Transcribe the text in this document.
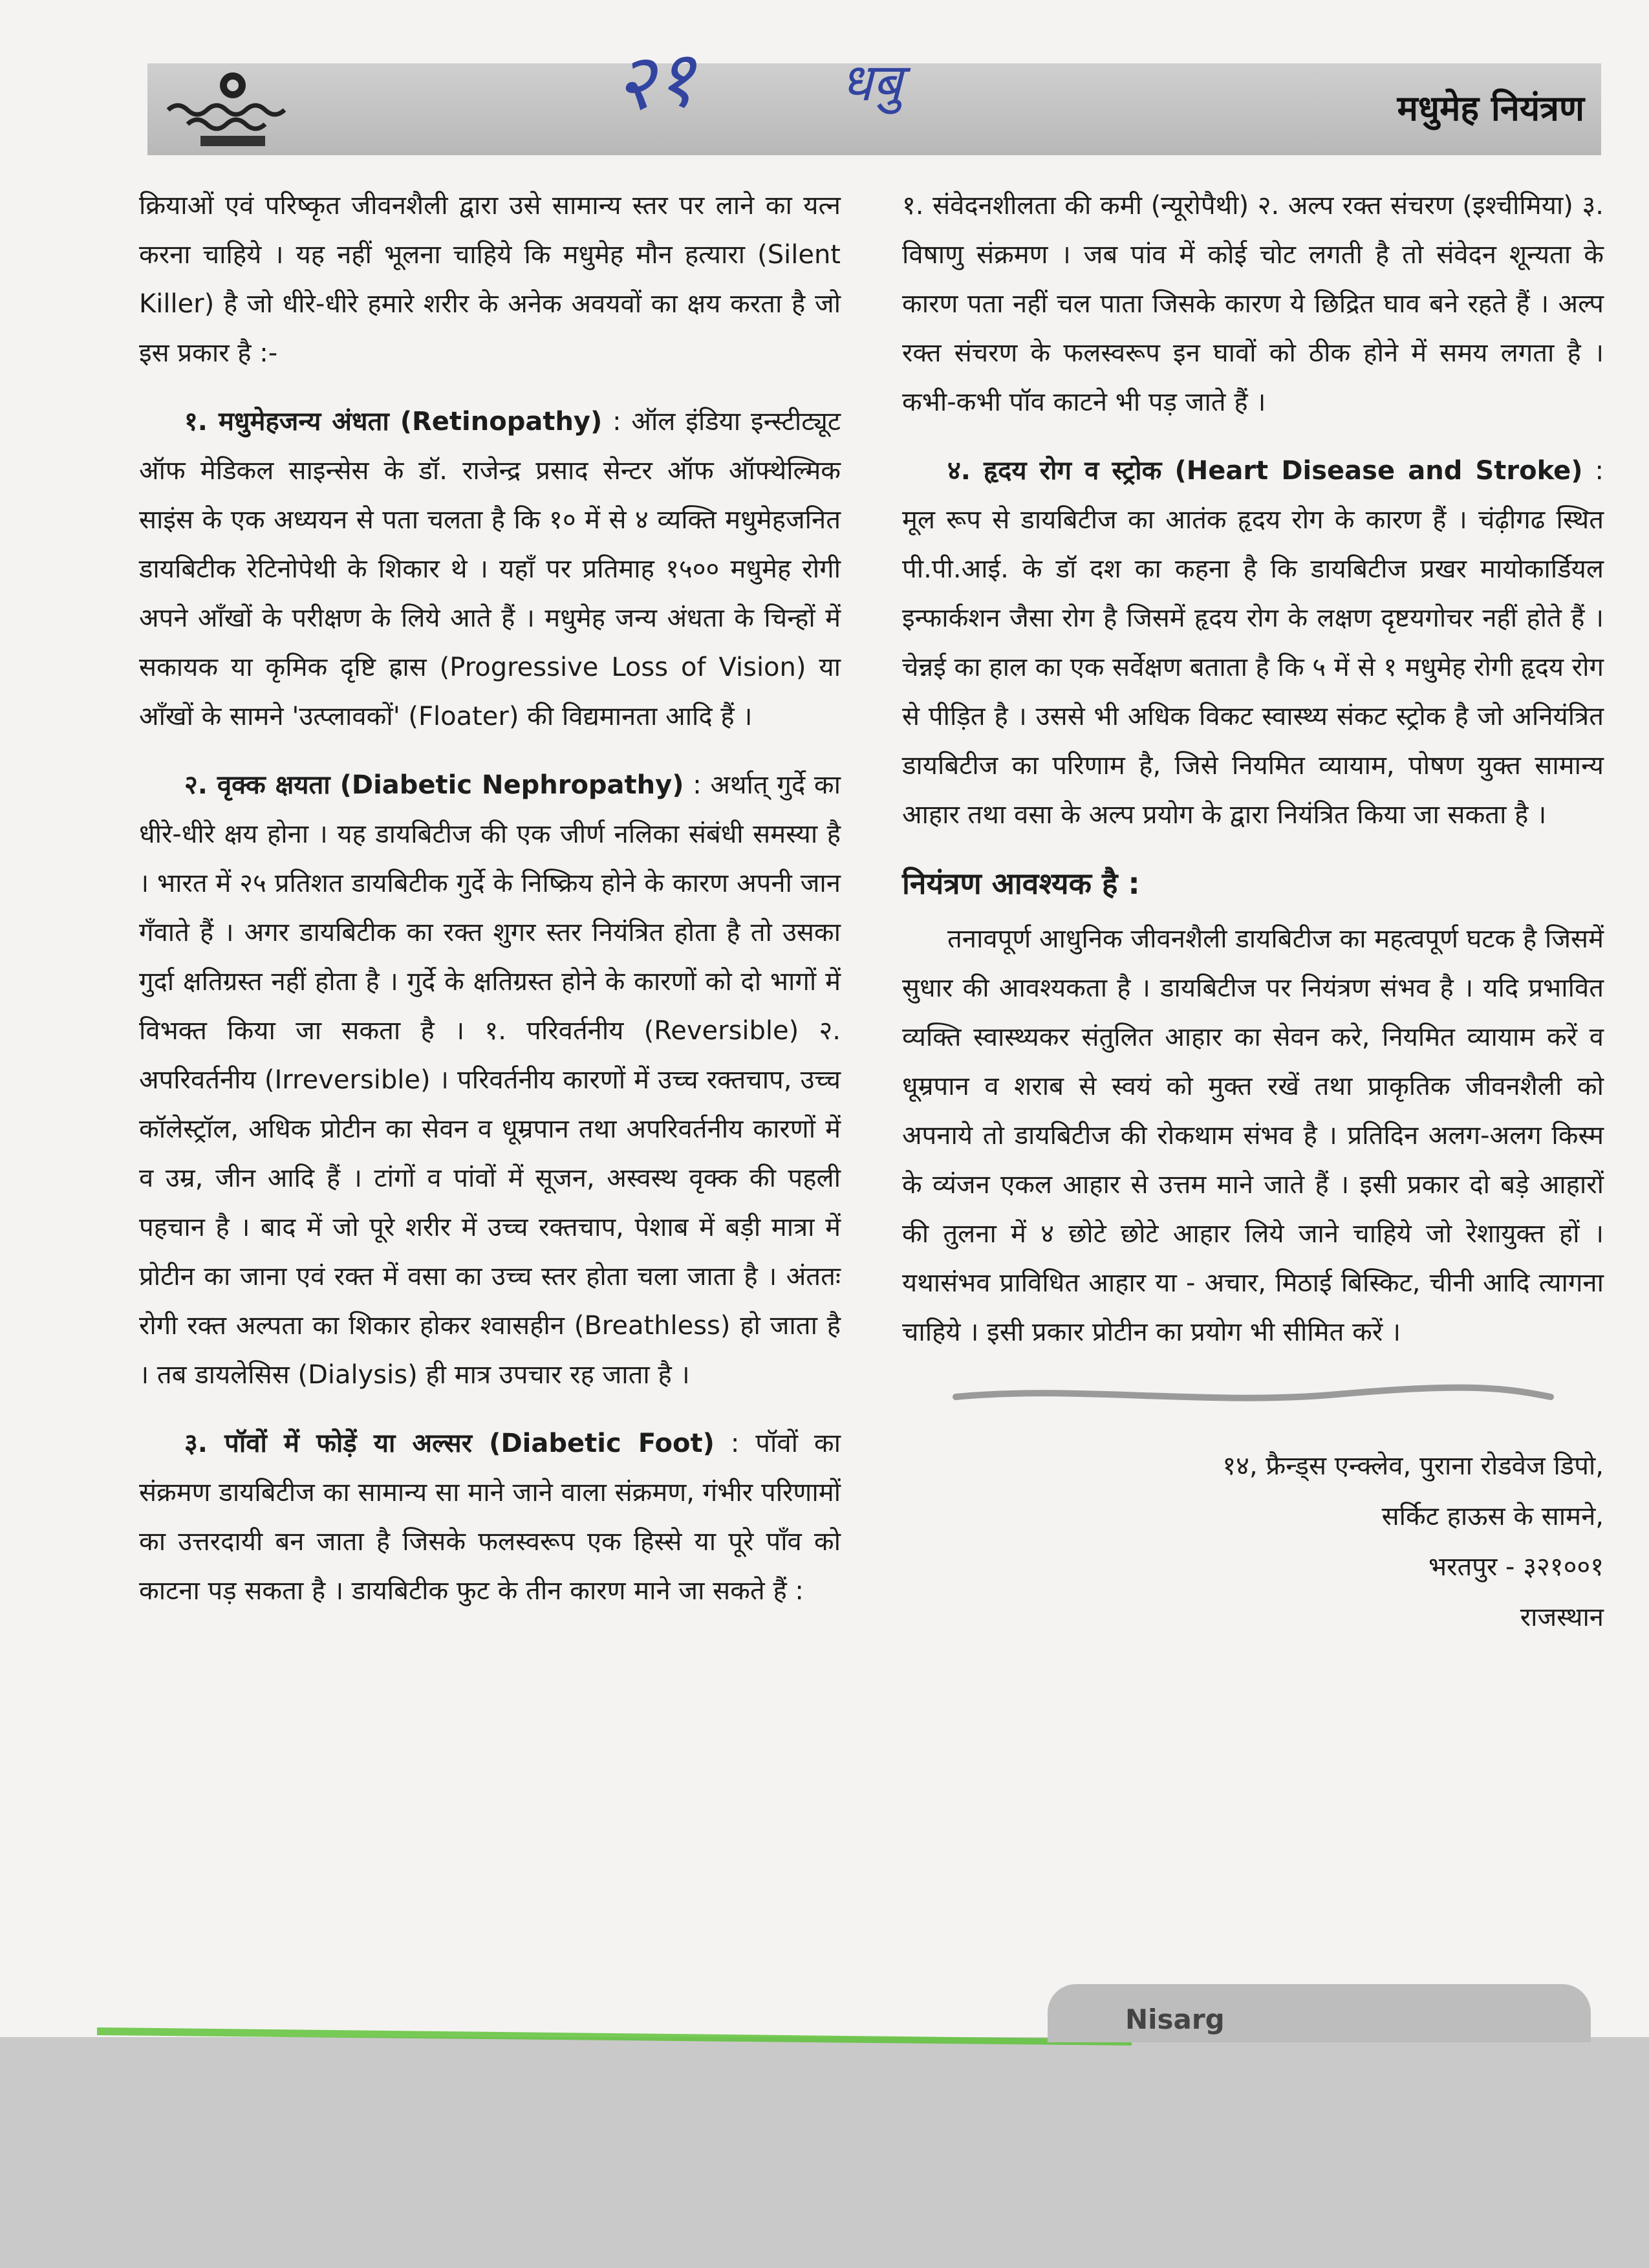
मधुमेह नियंत्रण
२१	धबु

क्रियाओं एवं परिष्कृत जीवनशैली द्वारा उसे सामान्य स्तर पर लाने का यत्न करना चाहिये । यह नहीं भूलना चाहिये कि मधुमेह मौन हत्यारा (Silent Killer) है जो धीरे-धीरे हमारे शरीर के अनेक अवयवों का क्षय करता है जो इस प्रकार है :-

१. मधुमेहजन्य अंधता (Retinopathy) : ऑल इंडिया इन्स्टीट्यूट ऑफ मेडिकल साइन्सेस के डॉ. राजेन्द्र प्रसाद सेन्टर ऑफ ऑफ्थेल्मिक साइंस के एक अध्ययन से पता चलता है कि १० में से ४ व्यक्ति मधुमेहजनित डायबिटीक रेटिनोपेथी के शिकार थे । यहाँ पर प्रतिमाह १५०० मधुमेह रोगी अपने आँखों के परीक्षण के लिये आते हैं । मधुमेह जन्य अंधता के चिन्हों में सकायक या कृमिक दृष्टि ह्रास (Progressive Loss of Vision) या आँखों के सामने 'उत्प्लावकों' (Floater) की विद्यमानता आदि हैं ।

२. वृक्क क्षयता (Diabetic Nephropathy) : अर्थात् गुर्दे का धीरे-धीरे क्षय होना । यह डायबिटीज की एक जीर्ण नलिका संबंधी समस्या है । भारत में २५ प्रतिशत डायबिटीक गुर्दे के निष्क्रिय होने के कारण अपनी जान गँवाते हैं । अगर डायबिटीक का रक्त शुगर स्तर नियंत्रित होता है तो उसका गुर्दा क्षतिग्रस्त नहीं होता है । गुर्दे के क्षतिग्रस्त होने के कारणों को दो भागों में विभक्त किया जा सकता है । १. परिवर्तनीय (Reversible) २. अपरिवर्तनीय (Irreversible) । परिवर्तनीय कारणों में उच्च रक्तचाप, उच्च कॉलेस्ट्रॉल, अधिक प्रोटीन का सेवन व धूम्रपान तथा अपरिवर्तनीय कारणों में व उम्र, जीन आदि हैं । टांगों व पांवों में सूजन, अस्वस्थ वृक्क की पहली पहचान है । बाद में जो पूरे शरीर में उच्च रक्तचाप, पेशाब में बड़ी मात्रा में प्रोटीन का जाना एवं रक्त में वसा का उच्च स्तर होता चला जाता है । अंततः रोगी रक्त अल्पता का शिकार होकर श्वासहीन (Breathless) हो जाता है । तब डायलेसिस (Dialysis) ही मात्र उपचार रह जाता है ।

३. पॉवों में फोड़ें या अल्सर (Diabetic Foot) : पॉवों का संक्रमण डायबिटीज का सामान्य सा माने जाने वाला संक्रमण, गंभीर परिणामों का उत्तरदायी बन जाता है जिसके फलस्वरूप एक हिस्से या पूरे पाँव को काटना पड़ सकता है । डायबिटीक फुट के तीन कारण माने जा सकते हैं :

१. संवेदनशीलता की कमी (न्यूरोपैथी) २. अल्प रक्त संचरण (इश्चीमिया) ३. विषाणु संक्रमण । जब पांव में कोई चोट लगती है तो संवेदन शून्यता के कारण पता नहीं चल पाता जिसके कारण ये छिद्रित घाव बने रहते हैं । अल्प रक्त संचरण के फलस्वरूप इन घावों को ठीक होने में समय लगता है । कभी-कभी पॉव काटने भी पड़ जाते हैं ।

४. हृदय रोग व स्ट्रोक (Heart Disease and Stroke) : मूल रूप से डायबिटीज का आतंक हृदय रोग के कारण हैं । चंढ़ीगढ स्थित पी.पी.आई. के डॉ दश का कहना है कि डायबिटीज प्रखर मायोकार्डियल इन्फार्कशन जैसा रोग है जिसमें हृदय रोग के लक्षण दृष्टयगोचर नहीं होते हैं । चेन्नई का हाल का एक सर्वेक्षण बताता है कि ५ में से १ मधुमेह रोगी हृदय रोग से पीड़ित है । उससे भी अधिक विकट स्वास्थ्य संकट स्ट्रोक है जो अनियंत्रित डायबिटीज का परिणाम है, जिसे नियमित व्यायाम, पोषण युक्त सामान्य आहार तथा वसा के अल्प प्रयोग के द्वारा नियंत्रित किया जा सकता है ।

नियंत्रण आवश्यक है :

तनावपूर्ण आधुनिक जीवनशैली डायबिटीज का महत्वपूर्ण घटक है जिसमें सुधार की आवश्यकता है । डायबिटीज पर नियंत्रण संभव है । यदि प्रभावित व्यक्ति स्वास्थ्यकर संतुलित आहार का सेवन करे, नियमित व्यायाम करें व धूम्रपान व शराब से स्वयं को मुक्त रखें तथा प्राकृतिक जीवनशैली को अपनाये तो डायबिटीज की रोकथाम संभव है । प्रतिदिन अलग-अलग किस्म के व्यंजन एकल आहार से उत्तम माने जाते हैं । इसी प्रकार दो बड़े आहारों की तुलना में ४ छोटे छोटे आहार लिये जाने चाहिये जो रेशायुक्त हों । यथासंभव प्राविधित आहार या - अचार, मिठाई बिस्किट, चीनी आदि त्यागना चाहिये । इसी प्रकार प्रोटीन का प्रयोग भी सीमित करें ।

१४, फ्रैन्ड्स एन्क्लेव, पुराना रोडवेज डिपो,
सर्किट हाऊस के सामने,
भरतपुर - ३२१००१
राजस्थान
Nisarg
